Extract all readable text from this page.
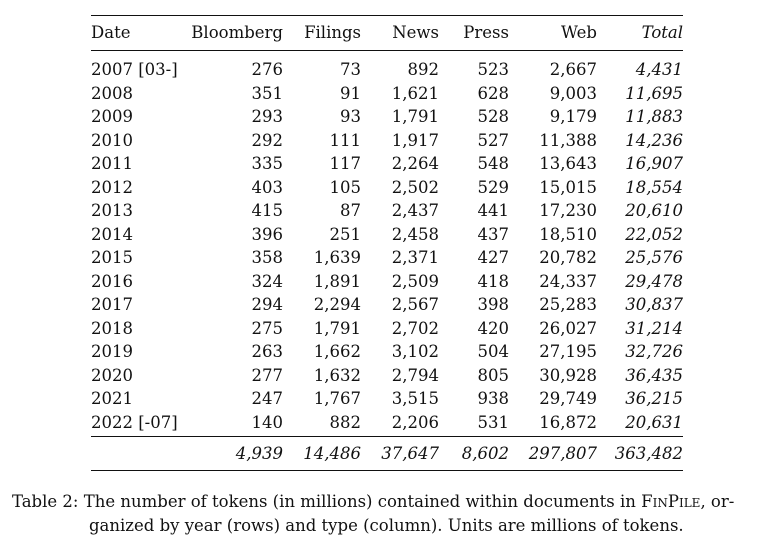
Date	Bloomberg	Filings	News	Press	Web	Total
2007 [03-]	276	73	892	523	2,667	4,431
2008	351	91	1,621	628	9,003	11,695
2009	293	93	1,791	528	9,179	11,883
2010	292	111	1,917	527	11,388	14,236
2011	335	117	2,264	548	13,643	16,907
2012	403	105	2,502	529	15,015	18,554
2013	415	87	2,437	441	17,230	20,610
2014	396	251	2,458	437	18,510	22,052
2015	358	1,639	2,371	427	20,782	25,576
2016	324	1,891	2,509	418	24,337	29,478
2017	294	2,294	2,567	398	25,283	30,837
2018	275	1,791	2,702	420	26,027	31,214
2019	263	1,662	3,102	504	27,195	32,726
2020	277	1,632	2,794	805	30,928	36,435
2021	247	1,767	3,515	938	29,749	36,215
2022 [-07]	140	882	2,206	531	16,872	20,631
	4,939	14,486	37,647	8,602	297,807	363,482
Table 2: The number of tokens (in millions) contained within documents in FinPile, or-
ganized by year (rows) and type (column). Units are millions of tokens.
